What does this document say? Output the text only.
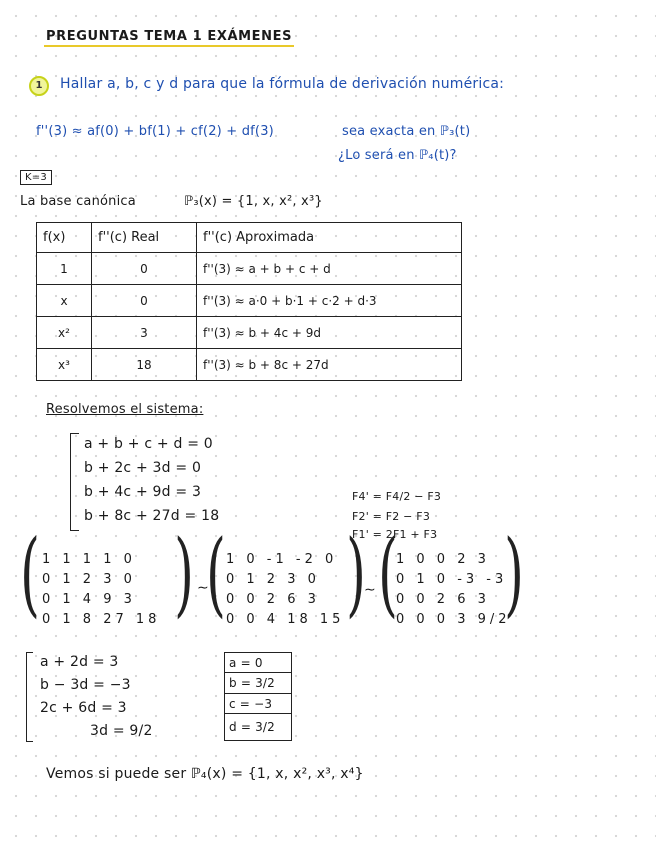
PREGUNTAS TEMA 1 EXÁMENES
1	Hallar a, b, c y d para que la fórmula de derivación numérica:
f''(3) ≈ af(0) + bf(1) + cf(2) + df(3)	sea exacta en ℙ₃(t)
¿Lo será en ℙ₄(t)?
K=3
La base canónica	ℙ₃(x) = {1, x, x², x³}
f(x)	f''(c) Real	f''(c) Aproximada
1	0	f''(3) ≈ a + b + c + d
x	0	f''(3) ≈ a·0 + b·1 + c·2 + d·3
x²	3	f''(3) ≈ b + 4c + 9d
x³	18	f''(3) ≈ b + 8c + 27d
Resolvemos el sistema:
a + b + c + d = 0
b + 2c + 3d = 0
b + 4c + 9d = 3
b + 8c + 27d = 18
F4' = F4/2 − F3
F2' = F2 − F3
F1' = 2F1 + F3
( 1 1 1 1 0
0 1 2 3 0
0 1 4 9 3
0 1 8 27 18 ) ∼
( 1 0 -1 -2 0
0 1 2 3 0
0 0 2 6 3
0 0 4 18 15 )
∼ (
1 0 0 2 3
0 1 0 -3 -3
0 0 2 6 3
0 0 0 3 9/2
)
a + 2d = 3
b − 3d = −3
2c + 6d = 3
3d = 9/2
a = 0
b = 3/2
c = −3
d = 3/2
Vemos si puede ser ℙ₄(x) = {1, x, x², x³, x⁴}
